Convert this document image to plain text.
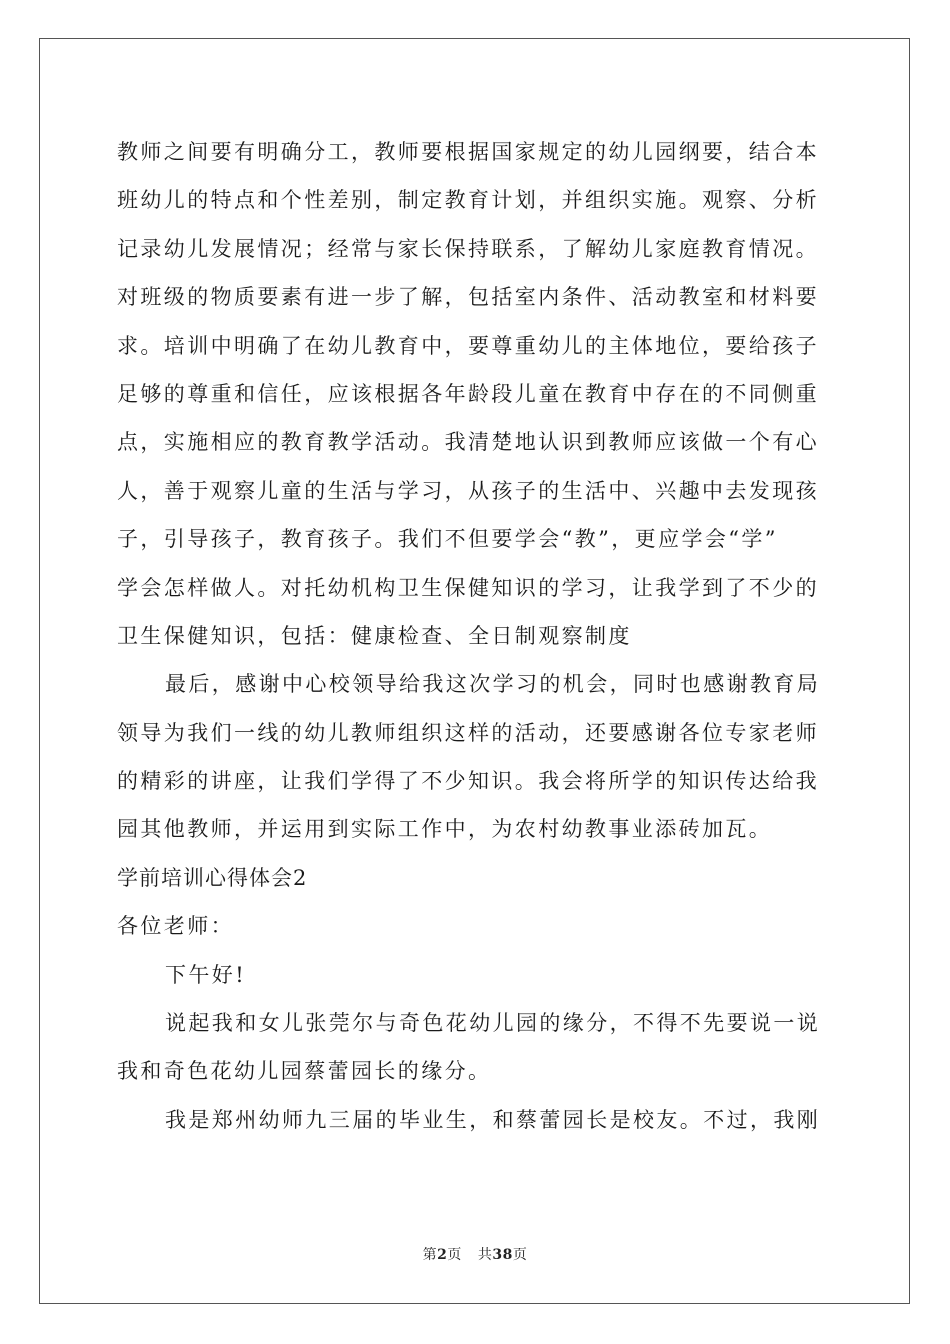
教师之间要有明确分工，教师要根据国家规定的幼儿园纲要，结合本
班幼儿的特点和个性差别，制定教育计划，并组织实施。观察、分析
记录幼儿发展情况；经常与家长保持联系，了解幼儿家庭教育情况。
对班级的物质要素有进一步了解，包括室内条件、活动教室和材料要
求。培训中明确了在幼儿教育中，要尊重幼儿的主体地位，要给孩子
足够的尊重和信任，应该根据各年龄段儿童在教育中存在的不同侧重
点，实施相应的教育教学活动。我清楚地认识到教师应该做一个有心
人，善于观察儿童的生活与学习，从孩子的生活中、兴趣中去发现孩
子，引导孩子，教育孩子。我们不但要学会“教”，更应学会“学”
学会怎样做人。对托幼机构卫生保健知识的学习，让我学到了不少的
卫生保健知识，包括：健康检查、全日制观察制度
最后，感谢中心校领导给我这次学习的机会，同时也感谢教育局
领导为我们一线的幼儿教师组织这样的活动，还要感谢各位专家老师
的精彩的讲座，让我们学得了不少知识。我会将所学的知识传达给我
园其他教师，并运用到实际工作中，为农村幼教事业添砖加瓦。
学前培训心得体会2
各位老师：
下午好!
说起我和女儿张莞尔与奇色花幼儿园的缘分，不得不先要说一说
我和奇色花幼儿园蔡蕾园长的缘分。
我是郑州幼师九三届的毕业生，和蔡蕾园长是校友。不过，我刚
第2页 共38页
